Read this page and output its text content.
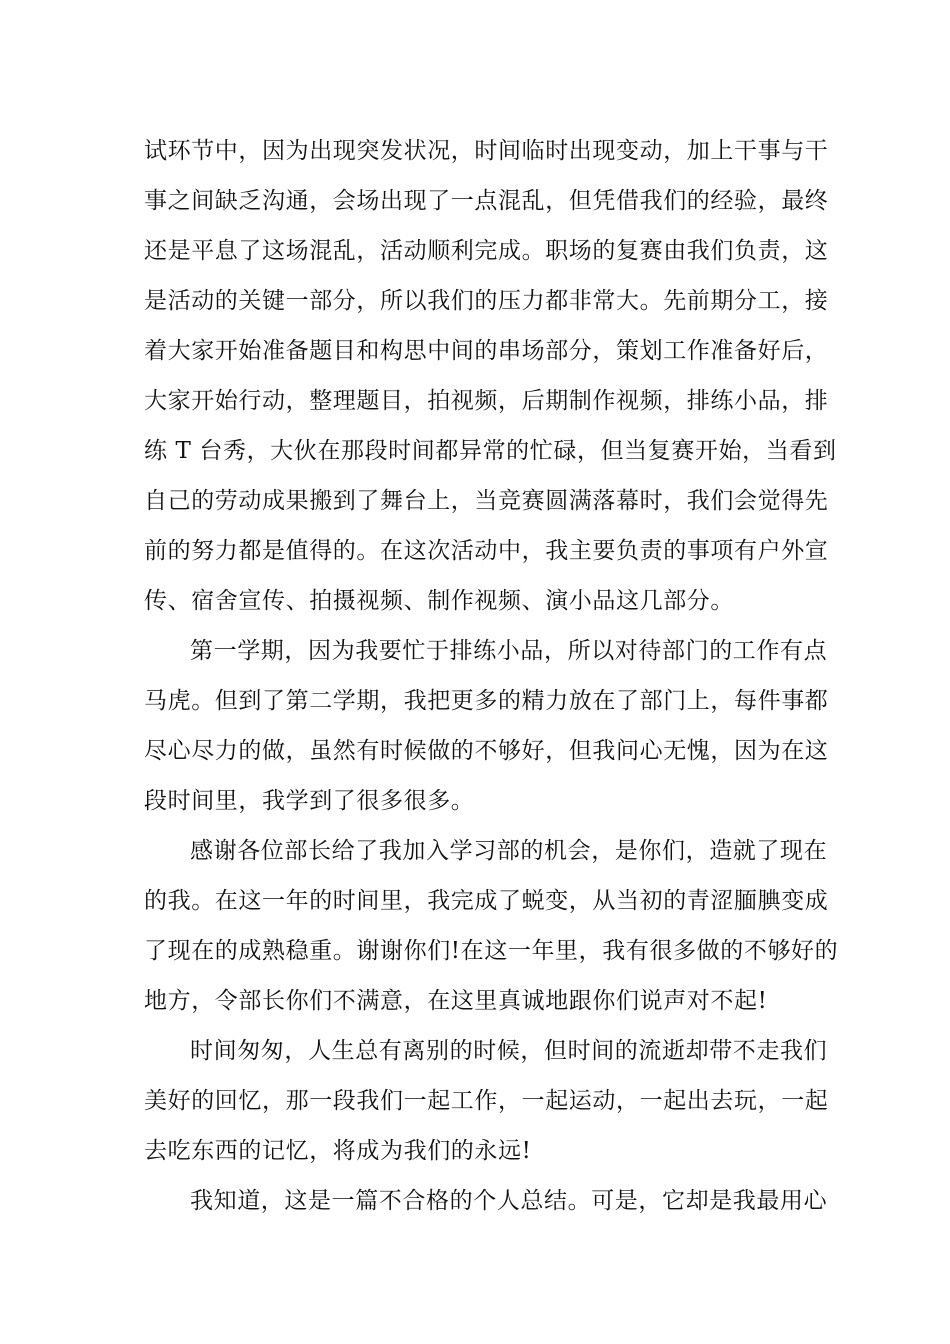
试环节中，因为出现突发状况，时间临时出现变动，加上干事与干
事之间缺乏沟通，会场出现了一点混乱，但凭借我们的经验，最终
还是平息了这场混乱，活动顺利完成。职场的复赛由我们负责，这
是活动的关键一部分，所以我们的压力都非常大。先前期分工，接
着大家开始准备题目和构思中间的串场部分，策划工作准备好后，
大家开始行动，整理题目，拍视频，后期制作视频，排练小品，排
练 T 台秀，大伙在那段时间都异常的忙碌，但当复赛开始，当看到
自己的劳动成果搬到了舞台上，当竞赛圆满落幕时，我们会觉得先
前的努力都是值得的。在这次活动中，我主要负责的事项有户外宣
传、宿舍宣传、拍摄视频、制作视频、演小品这几部分。
第一学期，因为我要忙于排练小品，所以对待部门的工作有点
马虎。但到了第二学期，我把更多的精力放在了部门上，每件事都
尽心尽力的做，虽然有时候做的不够好，但我问心无愧，因为在这
段时间里，我学到了很多很多。
感谢各位部长给了我加入学习部的机会，是你们，造就了现在
的我。在这一年的时间里，我完成了蜕变，从当初的青涩腼腆变成
了现在的成熟稳重。谢谢你们!在这一年里，我有很多做的不够好的
地方，令部长你们不满意，在这里真诚地跟你们说声对不起!
时间匆匆，人生总有离别的时候，但时间的流逝却带不走我们
美好的回忆，那一段我们一起工作，一起运动，一起出去玩，一起
去吃东西的记忆，将成为我们的永远!
我知道，这是一篇不合格的个人总结。可是，它却是我最用心
